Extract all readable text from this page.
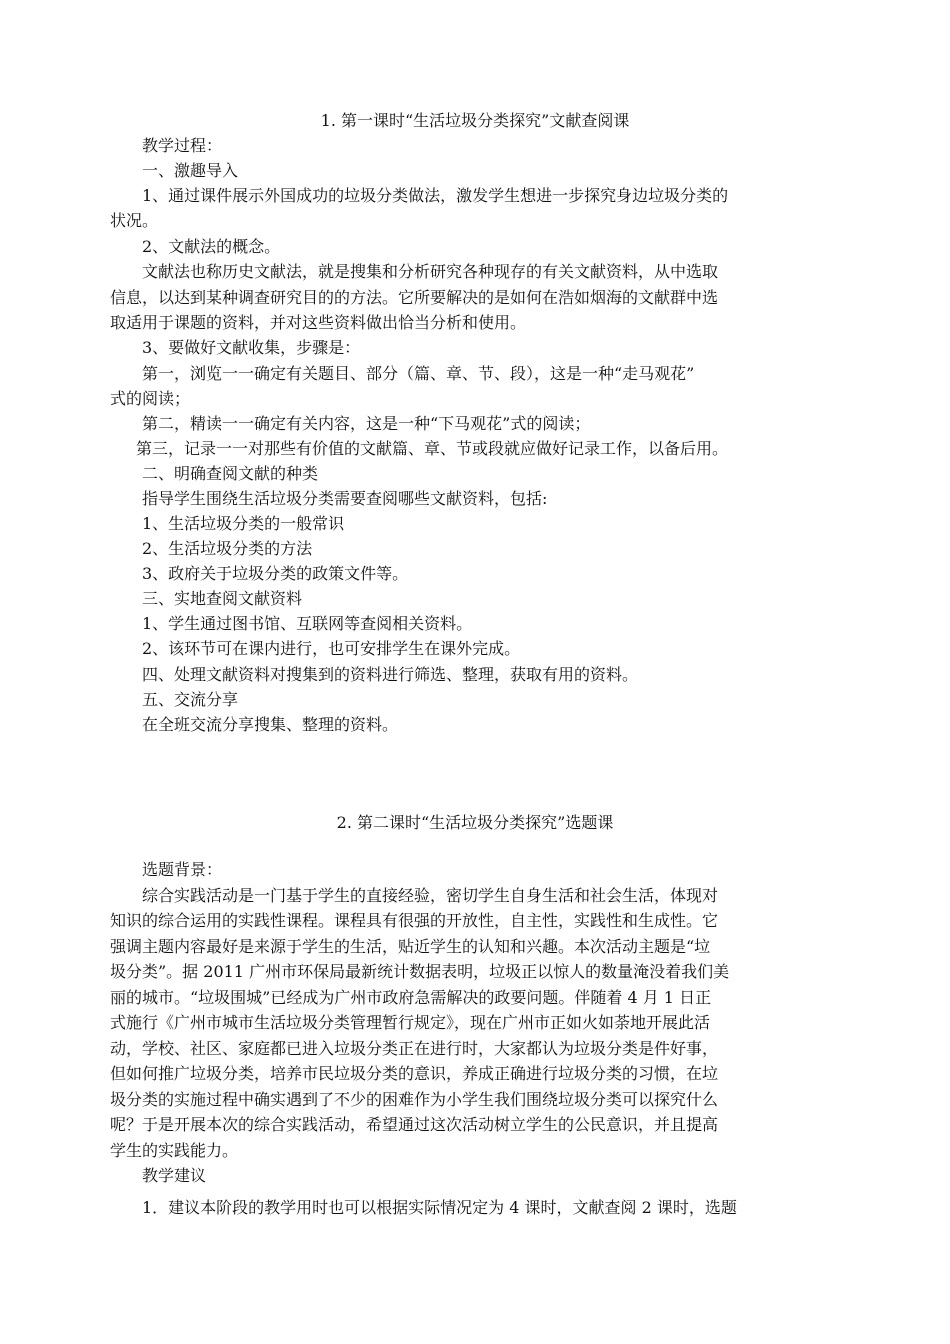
1. 第一课时“生活垃圾分类探究”文献查阅课
教学过程：
一、激趣导入
1、通过课件展示外国成功的垃圾分类做法，激发学生想进一步探究身边垃圾分类的
状况。
2、文献法的概念。
文献法也称历史文献法，就是搜集和分析研究各种现存的有关文献资料，从中选取
信息，以达到某种调查研究目的的方法。它所要解决的是如何在浩如烟海的文献群中选
取适用于课题的资料，并对这些资料做出恰当分析和使用。
3、要做好文献收集，步骤是：
第一，浏览一一确定有关题目、部分（篇、章、节、段），这是一种“走马观花”
式的阅读；
第二，精读一一确定有关内容，这是一种“下马观花”式的阅读；
第三，记录一一对那些有价值的文献篇、章、节或段就应做好记录工作，以备后用。
二、明确查阅文献的种类
指导学生围绕生活垃圾分类需要查阅哪些文献资料，包括:
1、生活垃圾分类的一般常识
2、生活垃圾分类的方法
3、政府关于垃圾分类的政策文件等。
三、实地查阅文献资料
1、学生通过图书馆、互联网等查阅相关资料。
2、该环节可在课内进行，也可安排学生在课外完成。
四、处理文献资料对搜集到的资料进行筛选、整理，获取有用的资料。
五、交流分享
在全班交流分享搜集、整理的资料。
2. 第二课时“生活垃圾分类探究”选题课
选题背景：
综合实践活动是一门基于学生的直接经验，密切学生自身生活和社会生活，体现对
知识的综合运用的实践性课程。课程具有很强的开放性，自主性，实践性和生成性。它
强调主题内容最好是来源于学生的生活，贴近学生的认知和兴趣。本次活动主题是“垃
圾分类”。据 2011 广州市环保局最新统计数据表明，垃圾正以惊人的数量淹没着我们美
丽的城市。“垃圾围城”已经成为广州市政府急需解决的政要问题。伴随着 4 月 1 日正
式施行《广州市城市生活垃圾分类管理暂行规定》，现在广州市正如火如荼地开展此活
动，学校、社区、家庭都已进入垃圾分类正在进行时，大家都认为垃圾分类是件好事，
但如何推广垃圾分类，培养市民垃圾分类的意识，养成正确进行垃圾分类的习惯，在垃
圾分类的实施过程中确实遇到了不少的困难作为小学生我们围绕垃圾分类可以探究什么
呢？于是开展本次的综合实践活动，希望通过这次活动树立学生的公民意识，并且提高
学生的实践能力。
教学建议
1．建议本阶段的教学用时也可以根据实际情况定为 4 课时，文献查阅 2 课时，选题
